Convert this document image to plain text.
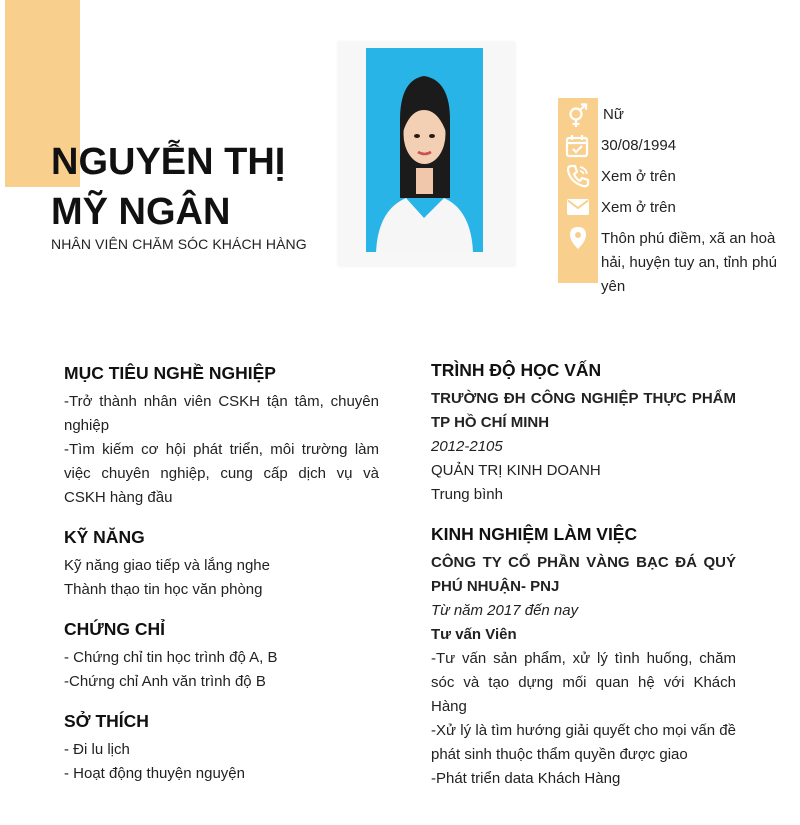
NGUYỄN THỊ
MỸ NGÂN
NHÂN VIÊN CHĂM SÓC KHÁCH HÀNG
Nữ
30/08/1994
Xem ở trên
Xem ở trên
Thôn phú điềm, xã an hoà hải, huyện tuy an, tỉnh phú yên
MỤC TIÊU NGHỀ NGHIỆP

-Trở thành nhân viên CSKH tận tâm, chuyên nghiệp

-Tìm kiếm cơ hội phát triển, môi trường làm việc chuyên nghiệp, cung cấp dịch vụ và CSKH hàng đầu

KỸ NĂNG

Kỹ năng giao tiếp và lắng nghe

Thành thạo tin học văn phòng

CHỨNG CHỈ

- Chứng chỉ tin học trình độ A, B

-Chứng chỉ Anh văn trình độ B

SỞ THÍCH

- Đi lu lịch

- Hoạt động thuyện nguyện

TRÌNH ĐỘ HỌC VẤN
TRƯỜNG ĐH CÔNG NGHIỆP THỰC PHẨM TP HỒ CHÍ MINH
2012-2105
QUẢN TRỊ KINH DOANH
Trung bình
KINH NGHIỆM LÀM VIỆC
CÔNG TY CỔ PHẦN VÀNG BẠC ĐÁ QUÝ PHÚ NHUẬN- PNJ
Từ năm 2017 đến nay
Tư vấn Viên

-Tư vấn sản phẩm, xử lý tình huống, chăm sóc và tạo dựng mối quan hệ với Khách Hàng

-Xử lý là tìm hướng giải quyết cho mọi vấn đề phát sinh thuộc thẩm quyền được giao

-Phát triển data Khách Hàng
